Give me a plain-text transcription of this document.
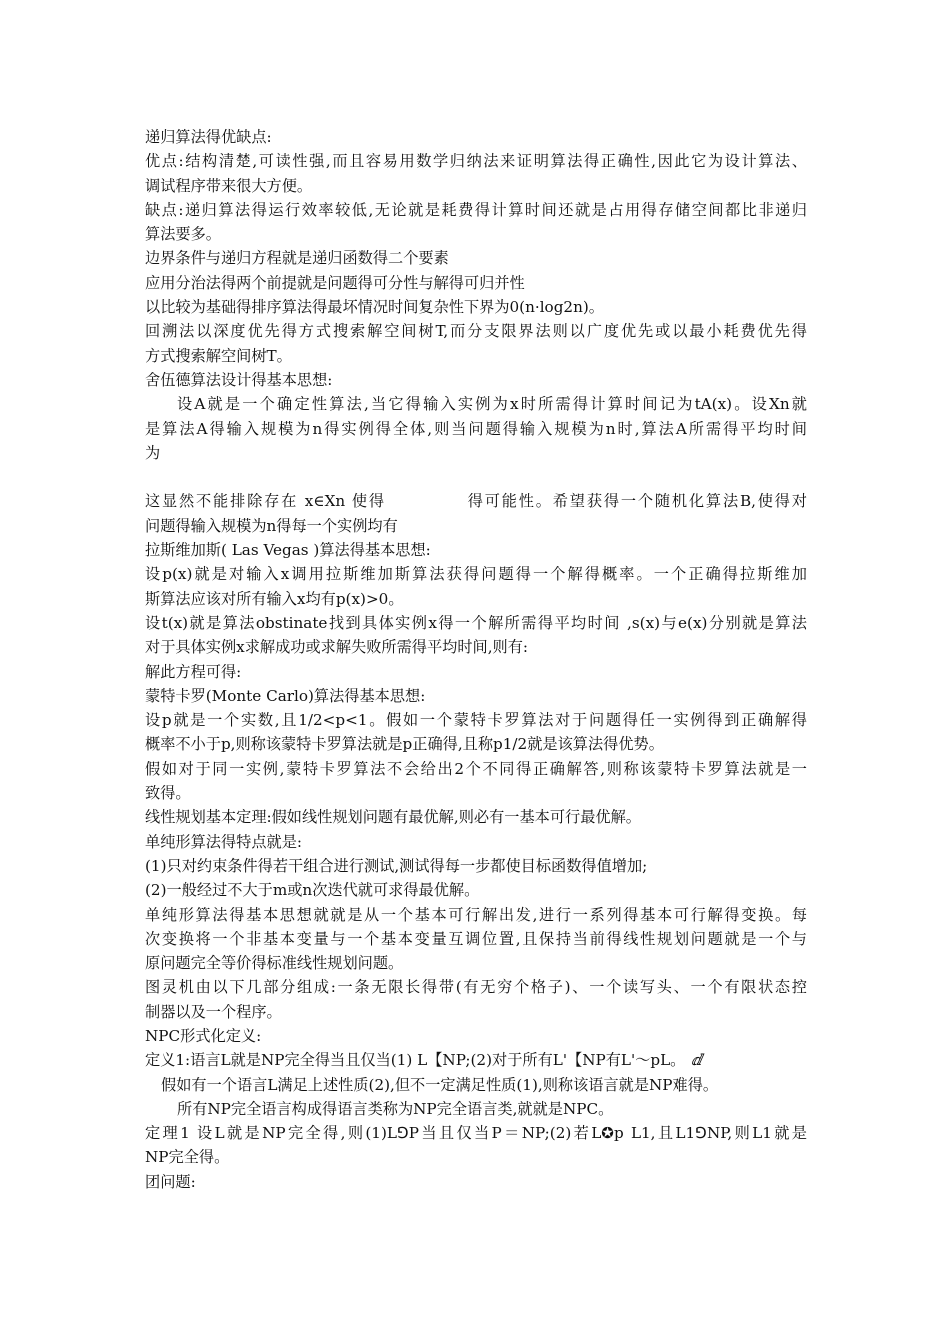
递归算法得优缺点:
优点:结构清楚,可读性强,而且容易用数学归纳法来证明算法得正确性,因此它为设计算法、
调试程序带来很大方便。
缺点:递归算法得运行效率较低,无论就是耗费得计算时间还就是占用得存储空间都比非递归
算法要多。
边界条件与递归方程就是递归函数得二个要素
应用分治法得两个前提就是问题得可分性与解得可归并性
以比较为基础得排序算法得最坏情况时间复杂性下界为0(n·log2n)。
回溯法以深度优先得方式搜索解空间树T,而分支限界法则以广度优先或以最小耗费优先得
方式搜索解空间树T。
舍伍德算法设计得基本思想:
设A就是一个确定性算法,当它得输入实例为x时所需得计算时间记为tA(x)。设Xn就
是算法A得输入规模为n得实例得全体,则当问题得输入规模为n时,算法A所需得平均时间
为
这显然不能排除存在 x∈Xn 使得	得可能性。希望获得一个随机化算法B,使得对
问题得输入规模为n得每一个实例均有
拉斯维加斯( Las Vegas )算法得基本思想:
设p(x)就是对输入x调用拉斯维加斯算法获得问题得一个解得概率。一个正确得拉斯维加
斯算法应该对所有输入x均有p(x)>0。
设t(x)就是算法obstinate找到具体实例x得一个解所需得平均时间 ,s(x)与e(x)分别就是算法
对于具体实例x求解成功或求解失败所需得平均时间,则有:
解此方程可得:
蒙特卡罗(Monte Carlo)算法得基本思想:
设p就是一个实数,且1/2<p<1。假如一个蒙特卡罗算法对于问题得任一实例得到正确解得
概率不小于p,则称该蒙特卡罗算法就是p正确得,且称p1/2就是该算法得优势。
假如对于同一实例,蒙特卡罗算法不会给出2个不同得正确解答,则称该蒙特卡罗算法就是一
致得。
线性规划基本定理:假如线性规划问题有最优解,则必有一基本可行最优解。
单纯形算法得特点就是:
(1)只对约束条件得若干组合进行测试,测试得每一步都使目标函数得值增加;
(2)一般经过不大于m或n次迭代就可求得最优解。
单纯形算法得基本思想就就是从一个基本可行解出发,进行一系列得基本可行解得变换。每
次变换将一个非基本变量与一个基本变量互调位置,且保持当前得线性规划问题就是一个与
原问题完全等价得标准线性规划问题。
图灵机由以下几部分组成:一条无限长得带(有无穷个格子)、一个读写头、一个有限状态控
制器以及一个程序。
NPC形式化定义:
定义1:语言L就是NP完全得当且仅当(1) L【NP;(2)对于所有L'【NP有L'～pL。 ⅆ
假如有一个语言L满足上述性质(2),但不一定满足性质(1),则称该语言就是NP难得。
所有NP完全语言构成得语言类称为NP完全语言类,就就是NPC。
定理1 设L就是NP完全得,则(1)L⅁P当且仅当P＝NP;(2)若L✪p L1,且L1⅁NP,则L1就是
NP完全得。
团问题:
